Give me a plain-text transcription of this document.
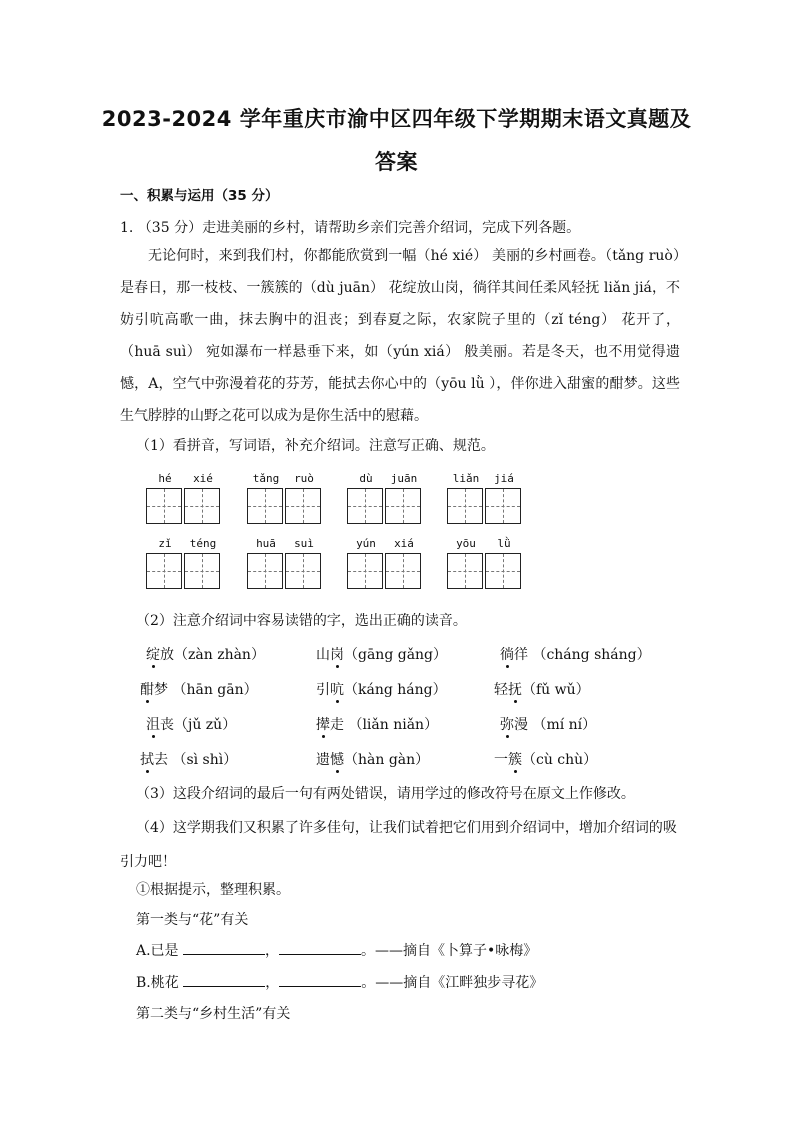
2023-2024 学年重庆市渝中区四年级下学期期末语文真题及
答案
一、积累与运用（35 分）
1. （35 分）走进美丽的乡村，请帮助乡亲们完善介绍词，完成下列各题。
无论何时，来到我们村，你都能欣赏到一幅（hé xié） 美丽的乡村画卷。（tǎng ruò）是春日，那一枝枝、一簇簇的（dù juān） 花绽放山岗，徜徉其间任柔风轻抚 liǎn jiá，不妨引吭高歌一曲，抹去胸中的沮丧；到春夏之际，农家院子里的（zǐ téng） 花开了，（huā suì） 宛如瀑布一样悬垂下来，如（yún xiá） 般美丽。若是冬天，也不用觉得遗憾，A，空气中弥漫着花的芬芳，能拭去你心中的（yōu lǜ ），伴你进入甜蜜的酣梦。这些生气脖脖的山野之花可以成为是你生活中的慰藉。
（1）看拼音，写词语，补充介绍词。注意写正确、规范。
hé	xié	tǎng	ruò	dù	juān	liǎn	jiá
zǐ	téng	huā	suì	yún	xiá	yōu	lǜ
（2）注意介绍词中容易读错的字，选出正确的读音。
绽放（zàn zhàn）	山岗（gāng gǎng）	徜徉 （cháng sháng）
酣梦 （hān gān）	引吭（káng háng）	轻抚（fǔ wǔ）
沮丧（jǔ zǔ）	撵走 （liǎn niǎn）	弥漫 （mí ní）
拭去 （sì shì）	遗憾（hàn gàn）	一簇（cù chù）
（3）这段介绍词的最后一句有两处错误，请用学过的修改符号在原文上作修改。
（4）这学期我们又积累了许多佳句，让我们试着把它们用到介绍词中，增加介绍词的吸
引力吧！
①根据提示，整理积累。
第一类与“花”有关
A.已是	，	。——摘自《卜算子•咏梅》
B.桃花	，	。——摘自《江畔独步寻花》
第二类与“乡村生活”有关
